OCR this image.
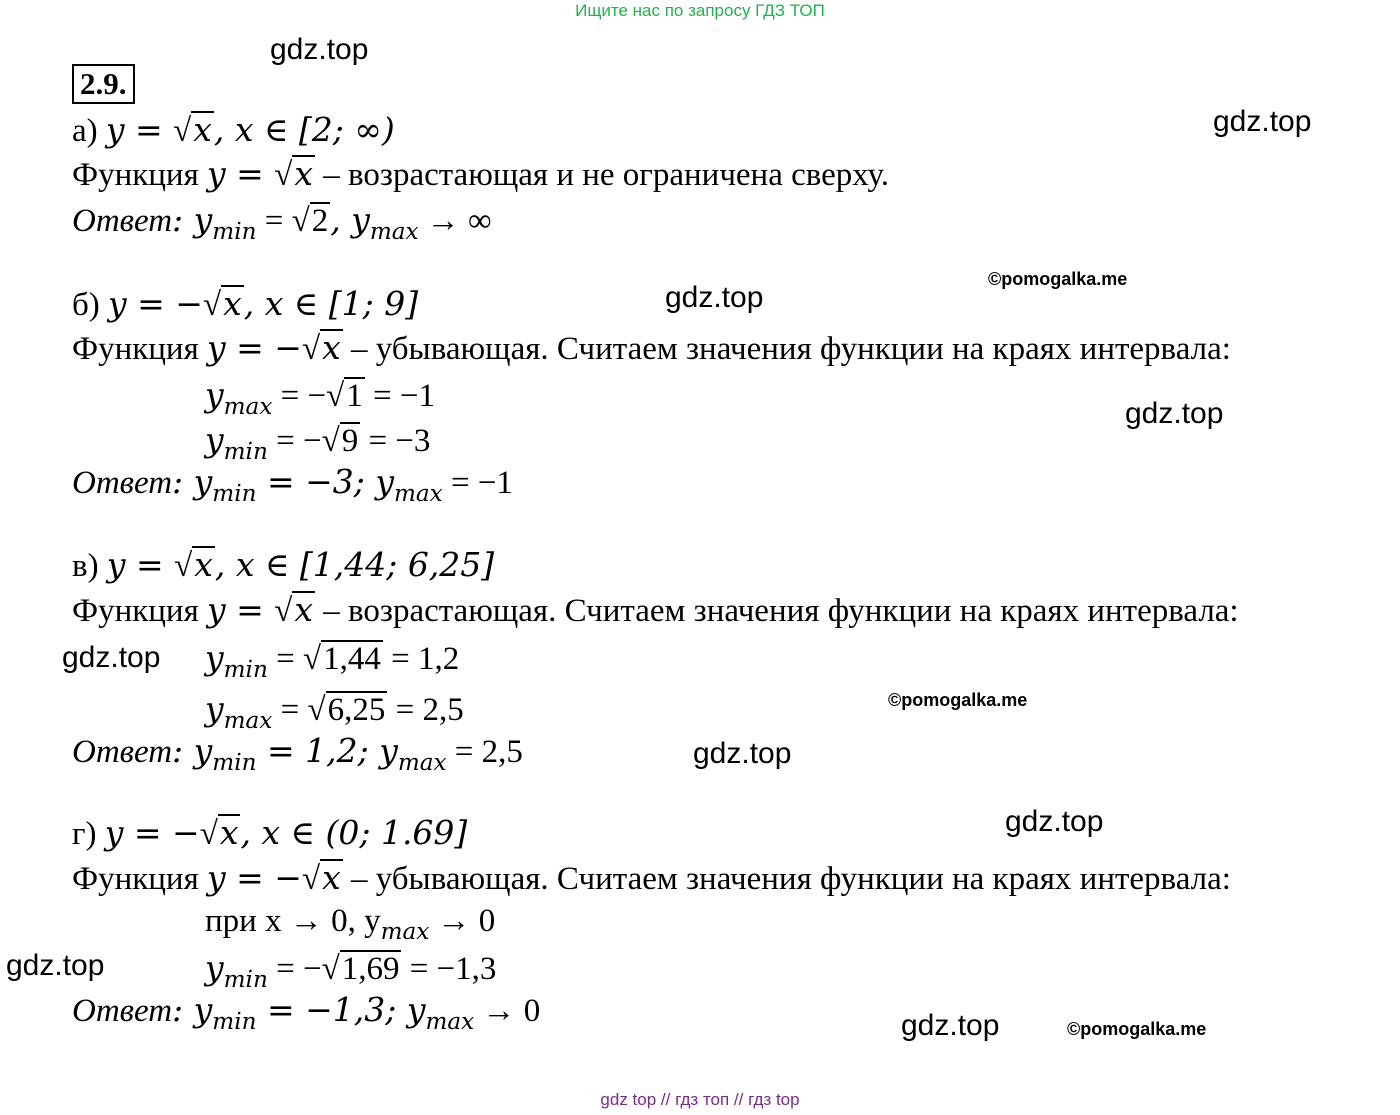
Ищите нас по запросу ГДЗ ТОП
gdz top // гдз топ // гдз top
gdz.top
gdz.top
gdz.top
gdz.top
gdz.top
gdz.top
gdz.top
gdz.top
gdz.top
©pomogalka.me
©pomogalka.me
©pomogalka.me
2.9.
а) y = √x, x ∈ [2; ∞)
Функция y = √x – возрастающая и не ограничена сверху.
Ответ: $y_{min} = √2$, $y_{max}$ → ∞
б) y = −√x, x ∈ [1; 9]
Функция y = −√x – убывающая. Считаем значения функции на краях интервала:
$y_{max} = -√1 = -1$
$y_{min} = -√9 = -3$
Ответ: $y_{min} = -3$; $y_{max} = -1$
в) y = √x, x ∈ [1,44; 6,25]
Функция y = √x – возрастающая. Считаем значения функции на краях интервала:
$y_{min} = √1,44 = 1,2$
$y_{max} = √6,25 = 2,5$
Ответ: $y_{min} = 1,2$; $y_{max} = 2,5$
г) y = −√x, x ∈ (0; 1.69]
Функция y = −√x – убывающая. Считаем значения функции на краях интервала:
при x → 0, $y_{max} \to 0$
$y_{min} = -√1,69 = -1,3$
Ответ: $y_{min} = -1,3$; $y_{max} \to 0$
